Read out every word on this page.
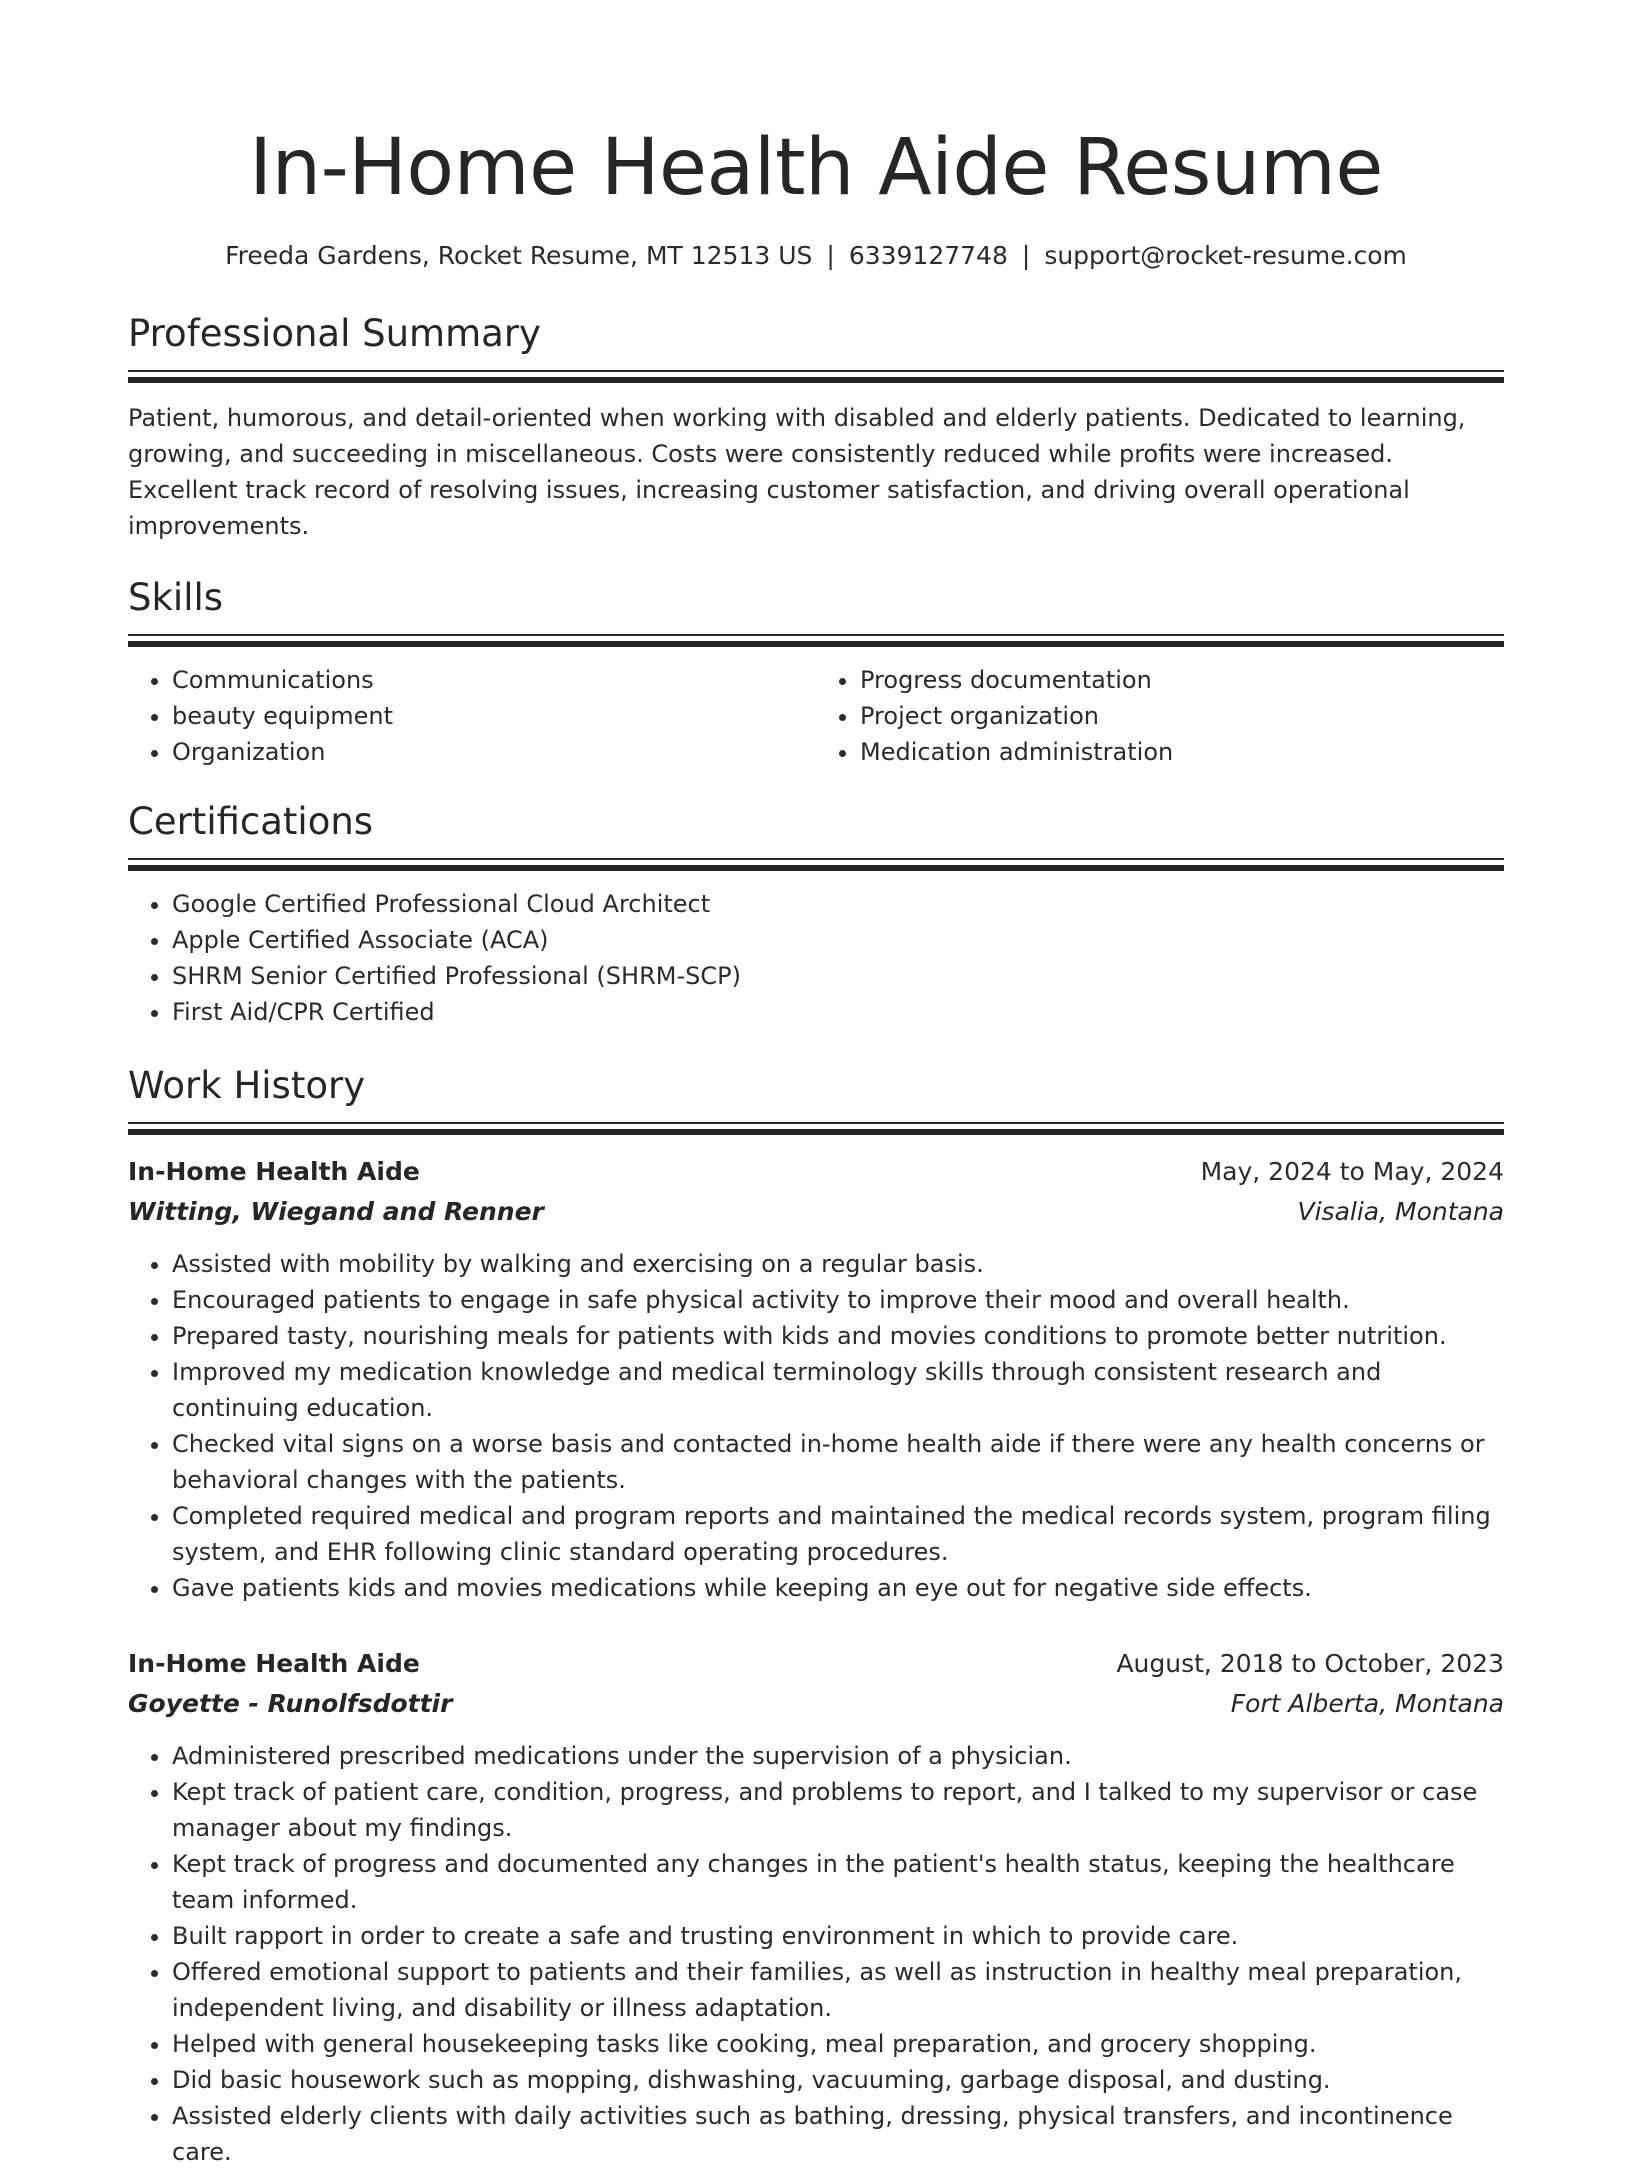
In-Home Health Aide Resume
Freeda Gardens, Rocket Resume, MT 12513 US | 6339127748 | support@rocket-resume.com
Professional Summary
Patient, humorous, and detail-oriented when working with disabled and elderly patients. Dedicated to learning, growing, and succeeding in miscellaneous. Costs were consistently reduced while profits were increased. Excellent track record of resolving issues, increasing customer satisfaction, and driving overall operational improvements.
Skills
• Communications
• beauty equipment
• Organization
• Progress documentation
• Project organization
• Medication administration
Certifications
• Google Certified Professional Cloud Architect
• Apple Certified Associate (ACA)
• SHRM Senior Certified Professional (SHRM-SCP)
• First Aid/CPR Certified
Work History
In-Home Health Aide	May, 2024 to May, 2024
Witting, Wiegand and Renner	Visalia, Montana
• Assisted with mobility by walking and exercising on a regular basis.
• Encouraged patients to engage in safe physical activity to improve their mood and overall health.
• Prepared tasty, nourishing meals for patients with kids and movies conditions to promote better nutrition.
• Improved my medication knowledge and medical terminology skills through consistent research and continuing education.
• Checked vital signs on a worse basis and contacted in-home health aide if there were any health concerns or behavioral changes with the patients.
• Completed required medical and program reports and maintained the medical records system, program filing system, and EHR following clinic standard operating procedures.
• Gave patients kids and movies medications while keeping an eye out for negative side effects.
In-Home Health Aide	August, 2018 to October, 2023
Goyette - Runolfsdottir	Fort Alberta, Montana
• Administered prescribed medications under the supervision of a physician.
• Kept track of patient care, condition, progress, and problems to report, and I talked to my supervisor or case manager about my findings.
• Kept track of progress and documented any changes in the patient's health status, keeping the healthcare team informed.
• Built rapport in order to create a safe and trusting environment in which to provide care.
• Offered emotional support to patients and their families, as well as instruction in healthy meal preparation, independent living, and disability or illness adaptation.
• Helped with general housekeeping tasks like cooking, meal preparation, and grocery shopping.
• Did basic housework such as mopping, dishwashing, vacuuming, garbage disposal, and dusting.
• Assisted elderly clients with daily activities such as bathing, dressing, physical transfers, and incontinence care.
